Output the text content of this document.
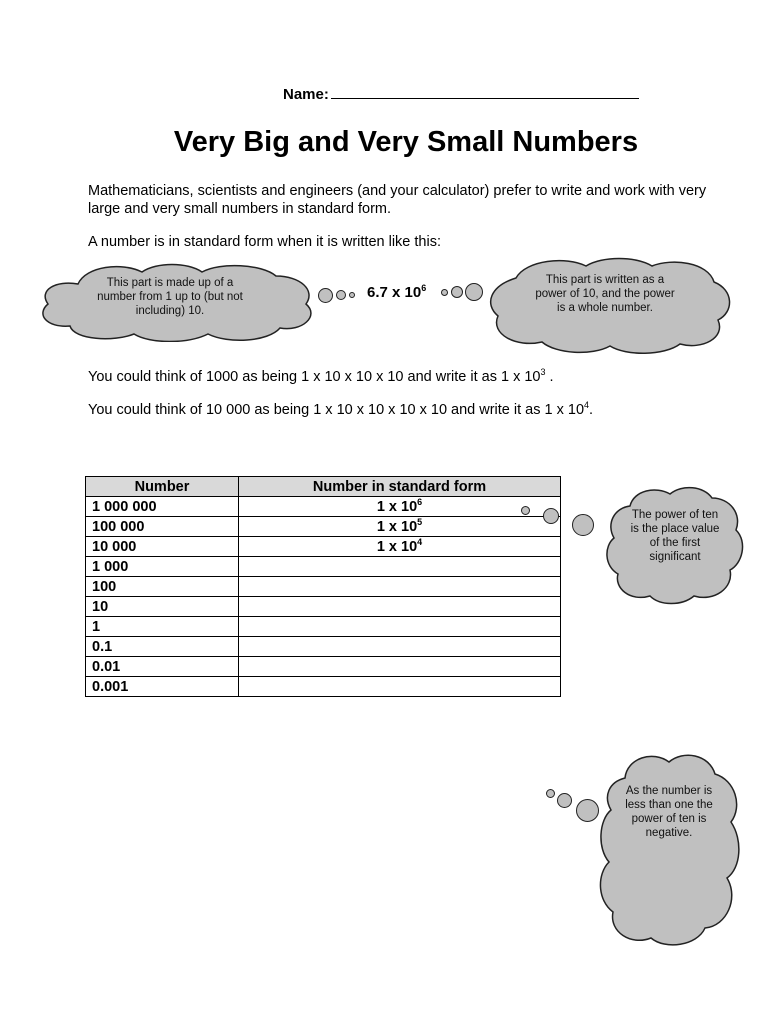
Name:
Very Big and Very Small Numbers
Mathematicians, scientists and engineers (and your calculator) prefer to write and work with very large and very small numbers in standard form.
A number is in standard form when it is written like this:
This part is made up of a number from 1 up to (but not including) 10.
6.7 x $10^6$
This part is written as a power of 10, and the power is a whole number.
You could think of 1000 as being 1 x 10 x 10 x 10 and write it as 1 x $10^3$ .
You could think of 10 000 as being 1 x 10 x 10 x 10 x 10 and write it as 1 x $10^4$.
Number	Number in standard form
1 000 000	1 x $10^6$
100 000	1 x $10^5$
10 000	1 x $10^4$
1 000	
100	
10	
1	
0.1	
0.01	
0.001	
The power of ten is the place value of the first significant
As the number is less than one the power of ten is negative.
